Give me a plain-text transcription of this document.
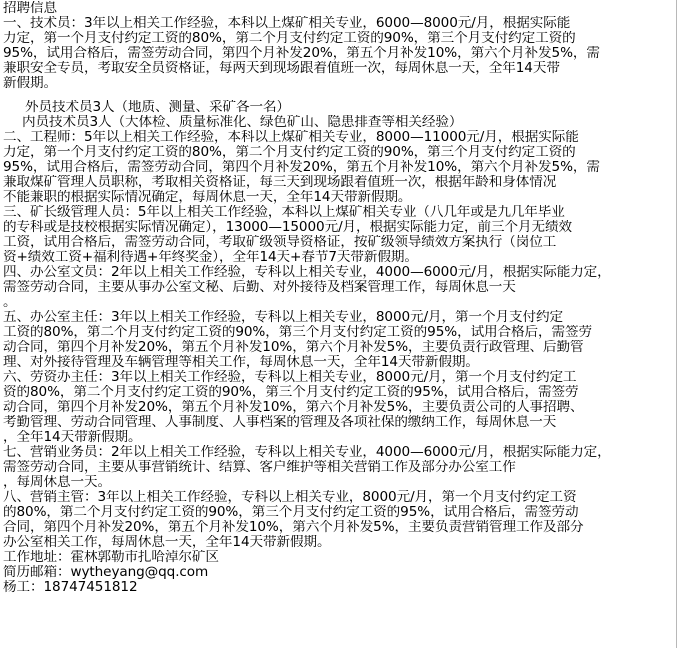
招聘信息
一、技术员：3年以上相关工作经验，本科以上煤矿相关专业，6000—8000元/月，根据实际能
力定，第一个月支付约定工资的80%，第二个月支付约定工资的90%，第三个月支付约定工资的
95%，试用合格后，需签劳动合同，第四个月补发20%，第五个月补发10%，第六个月补发5%，需
兼职安全专员，考取安全员资格证，每两天到现场跟着值班一次，每周休息一天，全年14天带
新假期。
外员技术员3人（地质、测量、采矿各一名）
内员技术员3人（大体检、质量标准化、绿色矿山、隐患排查等相关经验）
二、工程师：5年以上相关工作经验，本科以上煤矿相关专业，8000—11000元/月，根据实际能
力定，第一个月支付约定工资的80%，第二个月支付约定工资的90%，第三个月支付约定工资的
95%，试用合格后，需签劳动合同，第四个月补发20%，第五个月补发10%，第六个月补发5%，需
兼取煤矿管理人员职称，考取相关资格证，每三天到现场跟着值班一次，根据年龄和身体情况
不能兼职的根据实际情况确定，每周休息一天，全年14天带新假期。
三、矿长级管理人员：5年以上相关工作经验，本科以上煤矿相关专业（八几年或是九几年毕业
的专科或是技校根据实际情况确定），13000—15000元/月，根据实际能力定，前三个月无绩效
工资，试用合格后，需签劳动合同，考取矿级领导资格证，按矿级领导绩效方案执行（岗位工
资+绩效工资+福利待遇+年终奖金），全年14天+春节7天带新假期。
四、办公室文员：2年以上相关工作经验，专科以上相关专业，4000—6000元/月，根据实际能力定，
需签劳动合同，主要从事办公室文秘、后勤、对外接待及档案管理工作，每周休息一天
。
五、办公室主任：3年以上相关工作经验，专科以上相关专业，8000元/月，第一个月支付约定
工资的80%，第二个月支付约定工资的90%，第三个月支付约定工资的95%，试用合格后，需签劳
动合同，第四个月补发20%，第五个月补发10%，第六个月补发5%，主要负责行政管理、后勤管
理、对外接待管理及车辆管理等相关工作，每周休息一天，全年14天带新假期。
六、劳资办主任：3年以上相关工作经验，专科以上相关专业，8000元/月，第一个月支付约定工
资的80%，第二个月支付约定工资的90%，第三个月支付约定工资的95%，试用合格后，需签劳
动合同，第四个月补发20%，第五个月补发10%，第六个月补发5%，主要负责公司的人事招聘、
考勤管理、劳动合同管理、人事制度、人事档案的管理及各项社保的缴纳工作，每周休息一天
，全年14天带新假期。
七、营销业务员：2年以上相关工作经验，专科以上相关专业，4000—6000元/月，根据实际能力定，
需签劳动合同，主要从事营销统计、结算、客户维护等相关营销工作及部分办公室工作
，每周休息一天。
八、营销主管：3年以上相关工作经验，专科以上相关专业，8000元/月，第一个月支付约定工资
的80%，第二个月支付约定工资的90%，第三个月支付约定工资的95%，试用合格后，需签劳动
合同，第四个月补发20%，第五个月补发10%，第六个月补发5%，主要负责营销管理工作及部分
办公室相关工作，每周休息一天，全年14天带新假期。
工作地址：霍林郭勒市扎哈淖尔矿区
简历邮箱：wytheyang@qq.com
杨工：18747451812
